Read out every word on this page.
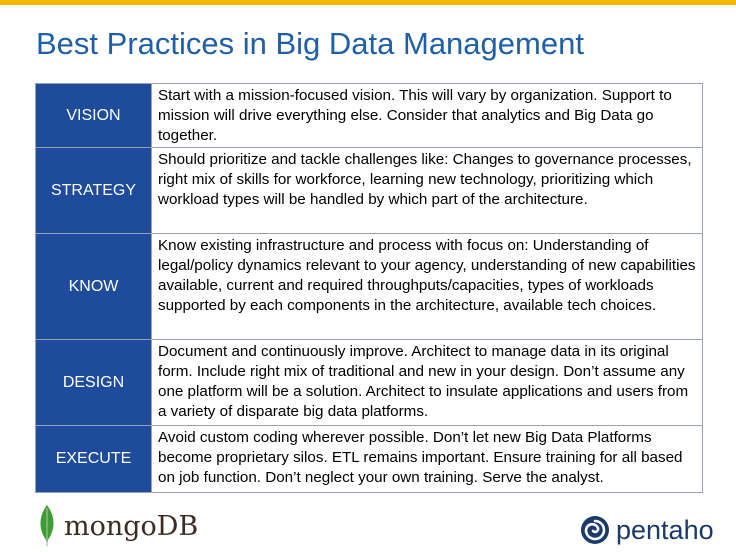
Best Practices in Big Data Management
VISION
Start with a mission-focused vision. This will vary by organization. Support to mission will drive everything else. Consider that analytics and Big Data go together.
STRATEGY
Should prioritize and tackle challenges like: Changes to governance processes, right mix of skills for workforce, learning new technology, prioritizing which workload types will be handled by which part of the architecture.
KNOW
Know existing infrastructure and process with focus on: Understanding of legal/policy dynamics relevant to your agency, understanding of new capabilities available, current and required throughputs/capacities, types of workloads supported by each components in the architecture, available tech choices.
DESIGN
Document and continuously improve. Architect to manage data in its original form. Include right mix of traditional and new in your design. Don’t assume any one platform will be a solution. Architect to insulate applications and users from a variety of disparate big data platforms.
EXECUTE
Avoid custom coding wherever possible. Don’t let new Big Data Platforms become proprietary silos. ETL remains important. Ensure training for all based on job function. Don’t neglect your own training. Serve the analyst.
mongoDB	pentaho
